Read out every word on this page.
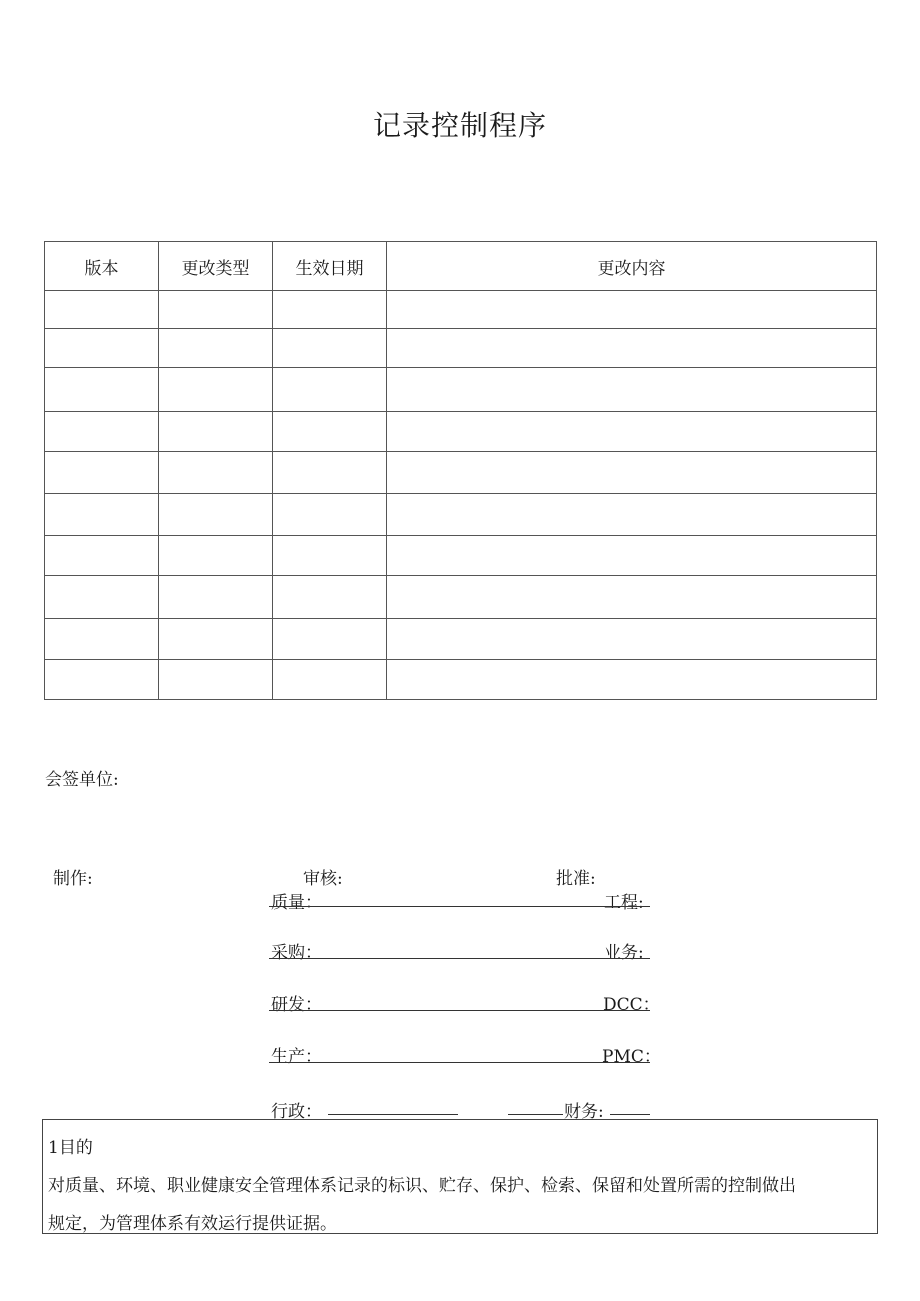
记录控制程序
版本	更改类型	生效日期	更改内容

会签单位:
制作:	审核:	批准:
质量：	工程:
采购：	业务:
研发：	DCC：
生产：	PMC：
行政：	财务:
1目的
对质量、环境、职业健康安全管理体系记录的标识、贮存、保护、检索、保留和处置所需的控制做出
规定，为管理体系有效运行提供证据。
